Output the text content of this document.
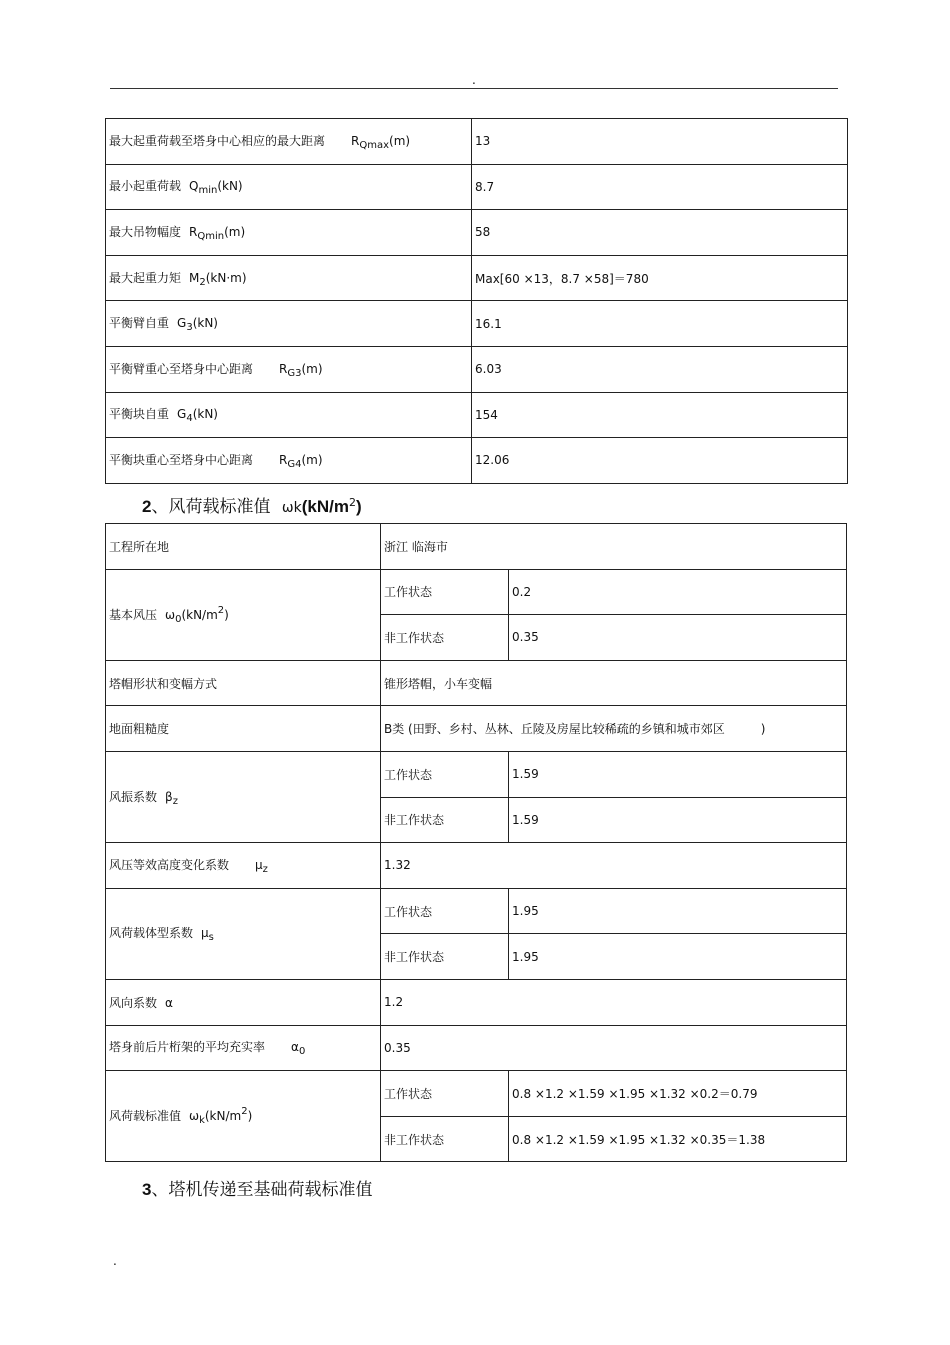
.
最大起重荷载至塔身中心相应的最大距离 $R_{Qmax}(m)$	13
最小起重荷载 $Q_{min}(kN)$	8.7
最大吊物幅度 $R_{Qmin}(m)$	58
最大起重力矩 $M_2(kN\cdot m)$	Max[60 ×13，8.7 ×58]＝780
平衡臂自重 $G_3(kN)$	16.1
平衡臂重心至塔身中心距离 $R_{G3}(m)$	6.03
平衡块自重 $G_4(kN)$	154
平衡块重心至塔身中心距离 $R_{G4}(m)$	12.06
2、风荷载标准值 $\omega k(kN/m^2)$
工程所在地	浙江 临海市	
基本风压 $\omega_0(kN/m^2)$	工作状态	0.2
	非工作状态	0.35
塔帽形状和变幅方式	锥形塔帽，小车变幅	
地面粗糙度	B类 (田野、乡村、丛林、丘陵及房屋比较稀疏的乡镇和城市郊区 )	
风振系数 $\beta_z$	工作状态	1.59
	非工作状态	1.59
风压等效高度变化系数 $\mu_z$	1.32	
风荷载体型系数 $\mu_s$	工作状态	1.95
	非工作状态	1.95
风向系数 α	1.2	
塔身前后片桁架的平均充实率 $\alpha_0$	0.35	
风荷载标准值 $\omega_k(kN/m^2)$	工作状态	0.8 ×1.2 ×1.59 ×1.95 ×1.32 ×0.2＝0.79
	非工作状态	0.8 ×1.2 ×1.59 ×1.95 ×1.32 ×0.35＝1.38
3、塔机传递至基础荷载标准值
.
